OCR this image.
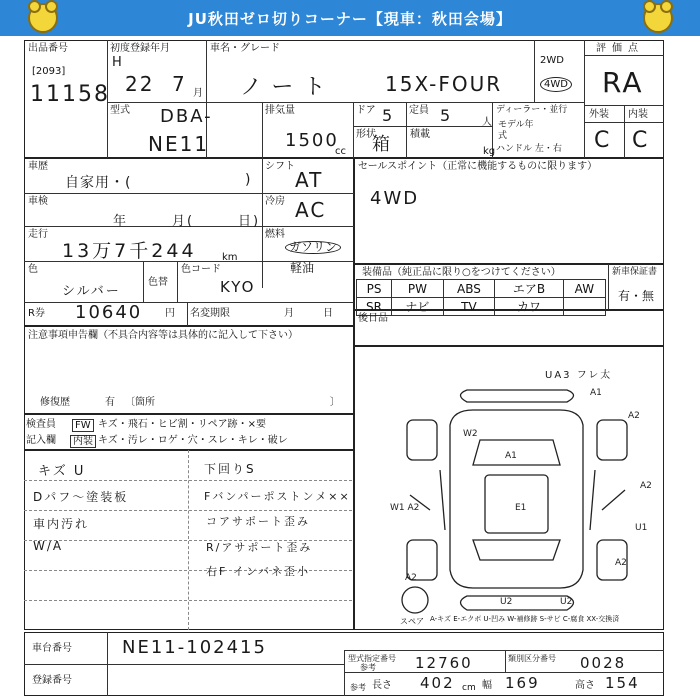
JU秋田ゼロ切りコーナー【現車：秋田会場】
出品番号
[2093]
11158
初度登録年月
H
22 7 月
車名・グレード
ノート 15X-FOUR
2WD
4WD
評価点
RA
外装 内装
C C
型式 DBA-
NE11
排気量
1500
cc
ドア 5 定員 5	人
形状
箱 積載
kg
ディーラー・並行
モデル年式
ハンドル 左・右
車歴
自家用・(	)
シフト
AT
車検
年	月(	日)
冷房 AC
走行
13万7千244	km
燃料
ガソリン
軽油
色
シルバー
色替
色コード
KYO
R券 10640 円 名変期限	月	日
セールスポイント（正常に機能するものに限ります）
4WD
装備品（純正品に限り○をつけてください）	新車保証書
有・無
PS	PW	ABS	エアB	AW
SR	ナビ	TV	カワ	
後日品
注意事項申告欄（不具合内容等は具体的に記入して下さい）
修復歴	有 〔箇所	〕
検査員
記入欄
FW キズ・飛石・ヒビ割・リペア跡・×要
内装 キズ・汚レ・ロゲ・穴・スレ・キレ・破レ
キズ U
Dパフ～塗装板
車内汚れ
W/A
下回りS
Fバンパーポストンメ××
コアサポート歪み
R/アサポート歪み
右F インバネ歪小
UA3 フレ太
W2
A1
E1
A2
A2
W1 A2
U1
A2
U2	U2
A2
A1
スペア A-キズ E-エクボ U-凹み W-補修跡 S-サビ C-腐食 XX-交換済
車台番号	NE11-102415
登録番号
型式指定番号
参考	12760	類別区分番号 0028
参考 長さ 402 cm 幅 169	高さ 154
